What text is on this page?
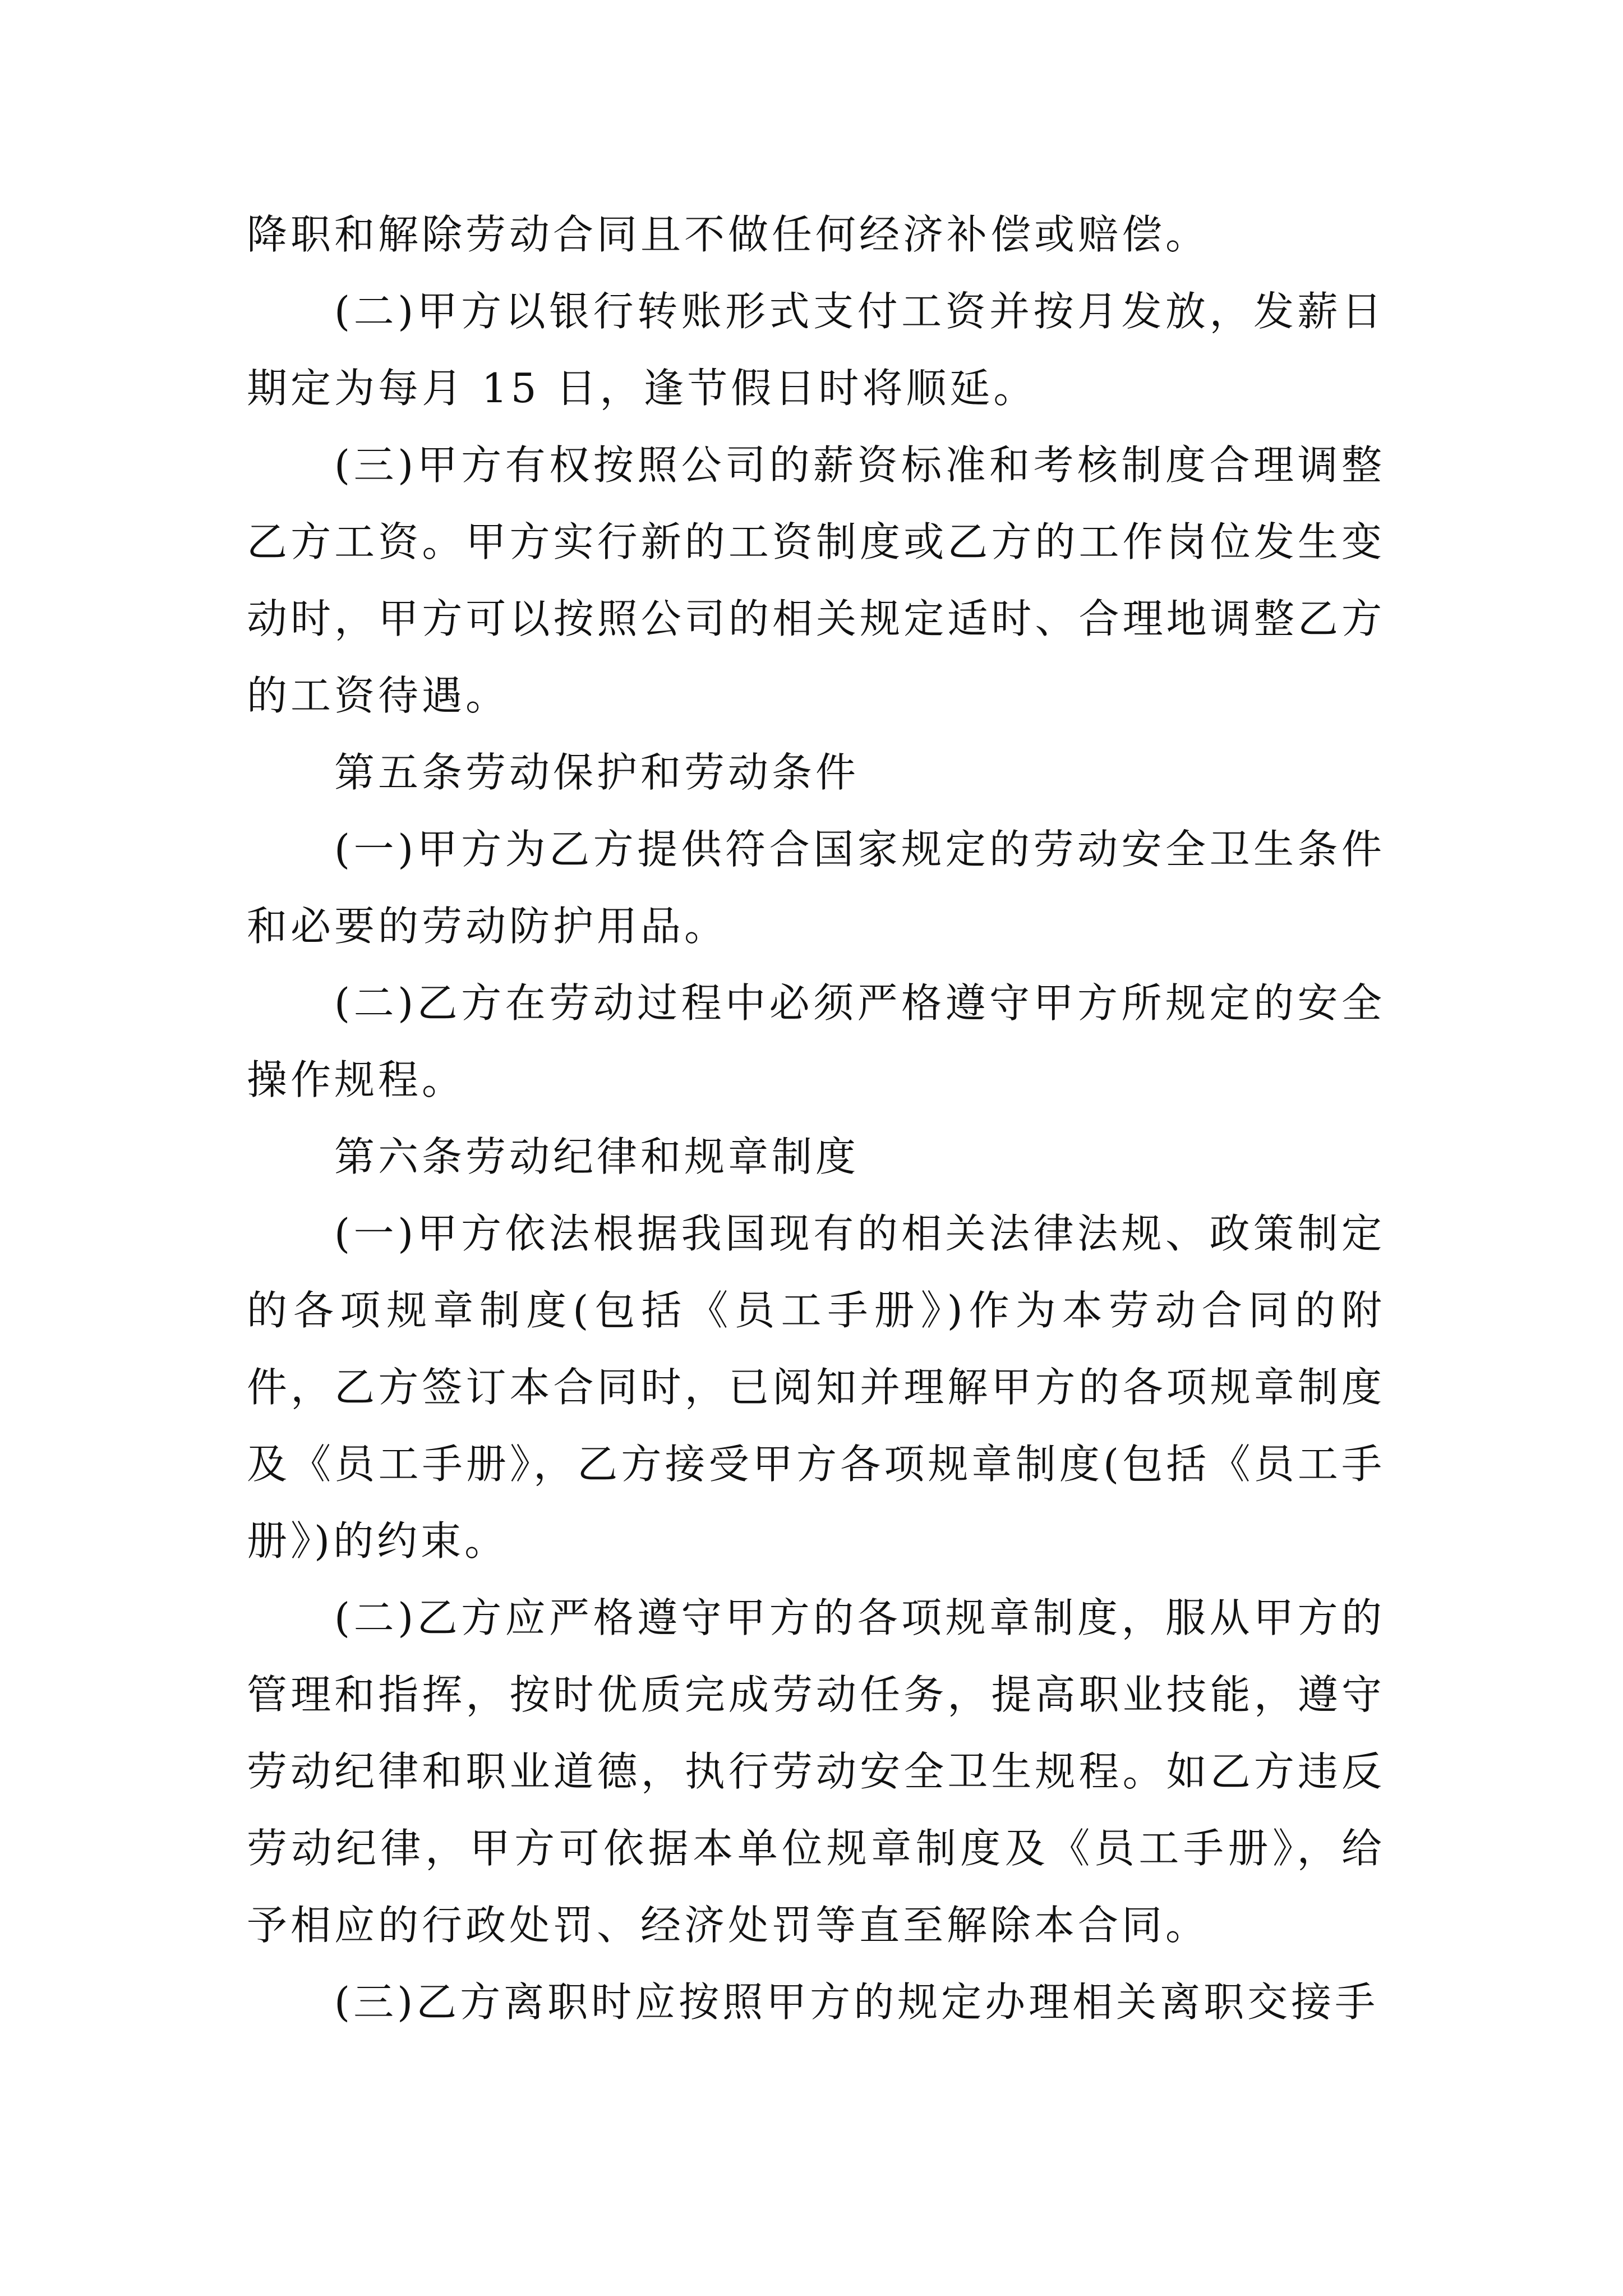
降职和解除劳动合同且不做任何经济补偿或赔偿。

(二)甲方以银行转账形式支付工资并按月发放，发薪日期定为每月 15 日，逢节假日时将顺延。

(三)甲方有权按照公司的薪资标准和考核制度合理调整乙方工资。甲方实行新的工资制度或乙方的工作岗位发生变动时，甲方可以按照公司的相关规定适时、合理地调整乙方的工资待遇。

第五条劳动保护和劳动条件

(一)甲方为乙方提供符合国家规定的劳动安全卫生条件和必要的劳动防护用品。

(二)乙方在劳动过程中必须严格遵守甲方所规定的安全操作规程。

第六条劳动纪律和规章制度

(一)甲方依法根据我国现有的相关法律法规、政策制定的各项规章制度(包括《员工手册》)作为本劳动合同的附件，乙方签订本合同时，已阅知并理解甲方的各项规章制度及《员工手册》，乙方接受甲方各项规章制度(包括《员工手册》)的约束。

(二)乙方应严格遵守甲方的各项规章制度，服从甲方的管理和指挥，按时优质完成劳动任务，提高职业技能，遵守劳动纪律和职业道德，执行劳动安全卫生规程。如乙方违反劳动纪律，甲方可依据本单位规章制度及《员工手册》，给予相应的行政处罚、经济处罚等直至解除本合同。

(三)乙方离职时应按照甲方的规定办理相关离职交接手
